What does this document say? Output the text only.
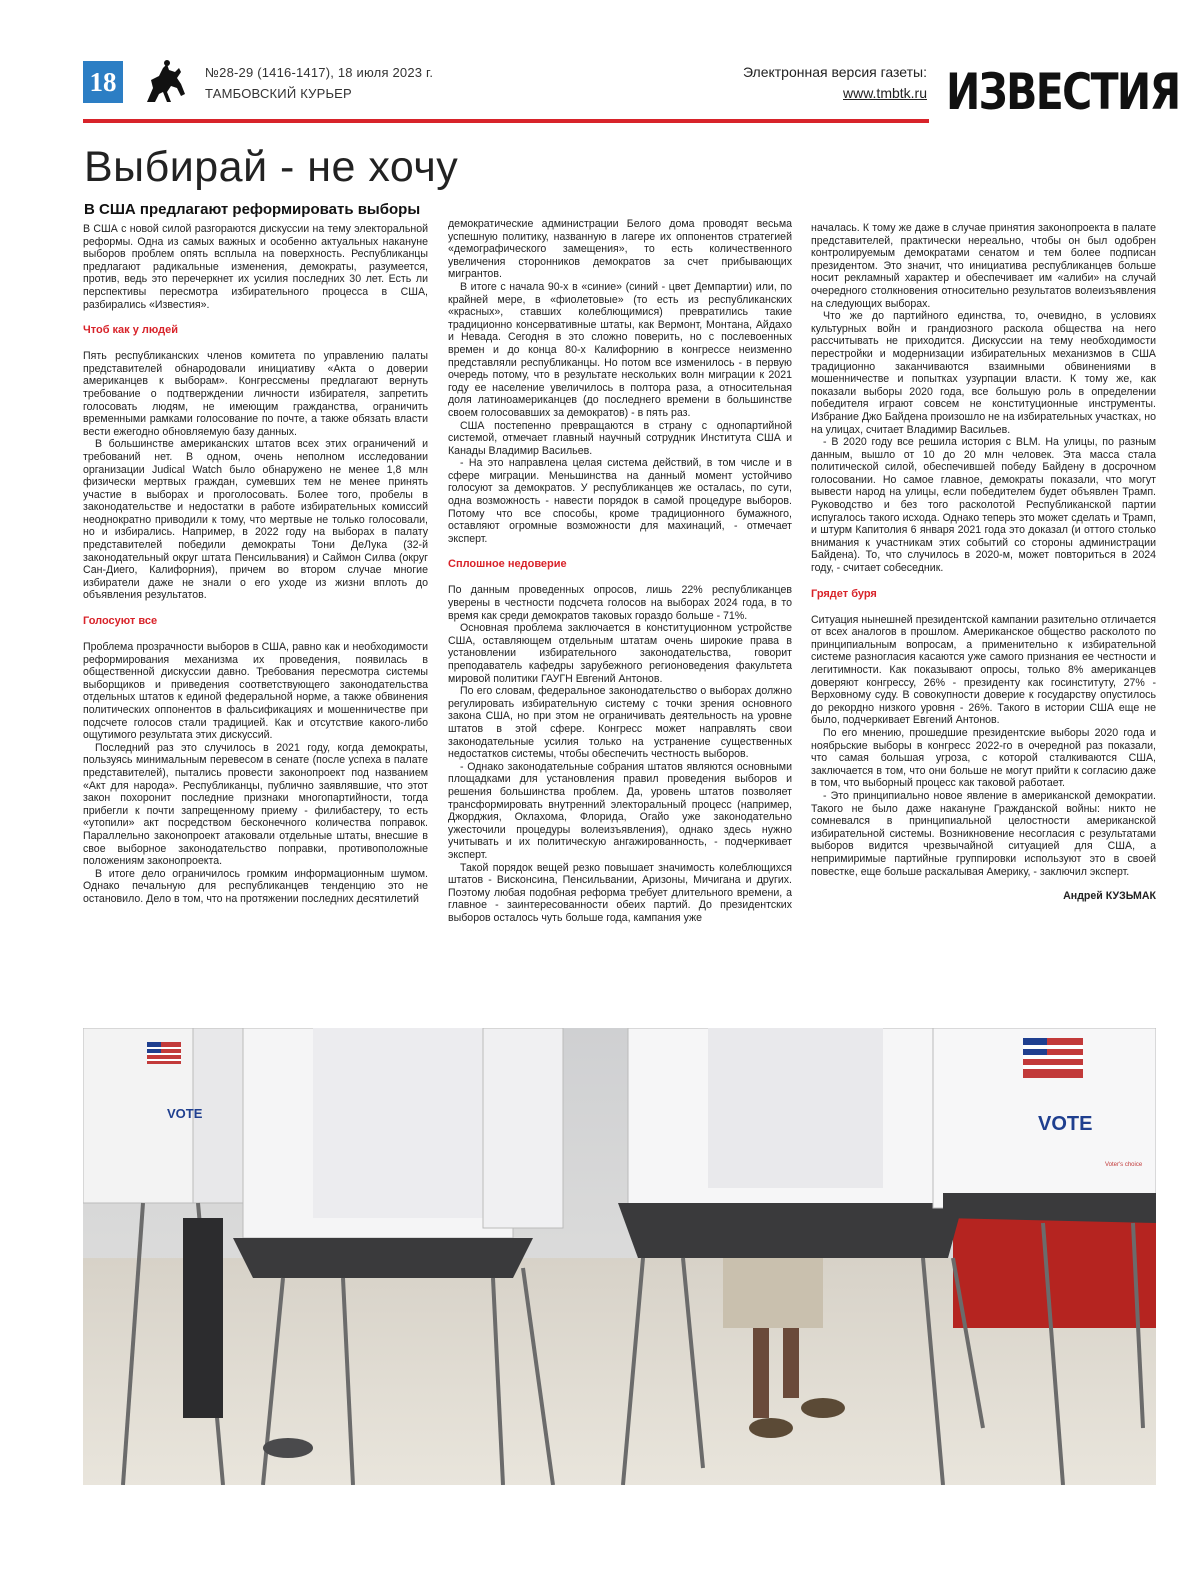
18	№28-29 (1416-1417), 18 июля 2023 г.
ТАМБОВСКИЙ КУРЬЕР
Электронная версия газеты:
www.tmbtk.ru ИЗВЕСТИЯ
Выбирай - не хочу
В США предлагают реформировать выборы

В США с новой силой разгораются дискуссии на тему электоральной реформы. Одна из самых важных и особенно актуальных накануне выборов проблем опять всплыла на поверхность. Республиканцы предлагают радикальные изменения, демократы, разумеется, против, ведь это перечеркнет их усилия последних 30 лет. Есть ли перспективы пересмотра избирательного процесса в США, разбирались «Известия».

Чтоб как у людей

Пять республиканских членов комитета по управлению палаты представителей обнародовали инициативу «Акта о доверии американцев к выборам». Конгрессмены предлагают вернуть требование о подтверждении личности избирателя, запретить голосовать людям, не имеющим гражданства, ограничить временными рамками голосование по почте, а также обязать власти вести ежегодно обновляемую базу данных.

В большинстве американских штатов всех этих ограничений и требований нет. В одном, очень неполном исследовании организации Judical Watch было обнаружено не менее 1,8 млн физически мертвых граждан, сумевших тем не менее принять участие в выборах и проголосовать. Более того, пробелы в законодательстве и недостатки в работе избирательных комиссий неоднократно приводили к тому, что мертвые не только голосовали, но и избирались. Например, в 2022 году на выборах в палату представителей победили демократы Тони ДеЛука (32-й законодательный округ штата Пенсильвания) и Саймон Силва (округ Сан-Диего, Калифорния), причем во втором случае многие избиратели даже не знали о его уходе из жизни вплоть до объявления результатов.

Голосуют все

Проблема прозрачности выборов в США, равно как и необходимости реформирования механизма их проведения, появилась в общественной дискуссии давно. Требования пересмотра системы выборщиков и приведения соответствующего законодательства отдельных штатов к единой федеральной норме, а также обвинения политических оппонентов в фальсификациях и мошенничестве при подсчете голосов стали традицией. Как и отсутствие какого-либо ощутимого результата этих дискуссий.

Последний раз это случилось в 2021 году, когда демократы, пользуясь минимальным перевесом в сенате (после успеха в палате представителей), пытались провести законопроект под названием «Акт для народа». Республиканцы, публично заявлявшие, что этот закон похоронит последние признаки многопартийности, тогда прибегли к почти запрещенному приему - филибастеру, то есть «утопили» акт посредством бесконечного количества поправок. Параллельно законопроект атаковали отдельные штаты, внесшие в свое выборное законодательство поправки, противоположные положениям законопроекта.

В итоге дело ограничилось громким информационным шумом. Однако печальную для республиканцев тенденцию это не остановило. Дело в том, что на протяжении последних десятилетий

демократические администрации Белого дома проводят весьма успешную политику, названную в лагере их оппонентов стратегией «демографического замещения», то есть количественного увеличения сторонников демократов за счет прибывающих мигрантов.

В итоге с начала 90-х в «синие» (синий - цвет Демпартии) или, по крайней мере, в «фиолетовые» (то есть из республиканских «красных», ставших колеблющимися) превратились такие традиционно консервативные штаты, как Вермонт, Монтана, Айдахо и Невада. Сегодня в это сложно поверить, но с послевоенных времен и до конца 80-х Калифорнию в конгрессе неизменно представляли республиканцы. Но потом все изменилось - в первую очередь потому, что в результате нескольких волн миграции к 2021 году ее население увеличилось в полтора раза, а относительная доля латиноамериканцев (до последнего времени в большинстве своем голосовавших за демократов) - в пять раз.

США постепенно превращаются в страну с однопартийной системой, отмечает главный научный сотрудник Института США и Канады Владимир Васильев.

- На это направлена целая система действий, в том числе и в сфере миграции. Меньшинства на данный момент устойчиво голосуют за демократов. У республиканцев же осталась, по сути, одна возможность - навести порядок в самой процедуре выборов. Потому что все способы, кроме традиционного бумажного, оставляют огромные возможности для махинаций, - отмечает эксперт.

Сплошное недоверие

По данным проведенных опросов, лишь 22% республиканцев уверены в честности подсчета голосов на выборах 2024 года, в то время как среди демократов таковых гораздо больше - 71%.

Основная проблема заключается в конституционном устройстве США, оставляющем отдельным штатам очень широкие права в установлении избирательного законодательства, говорит преподаватель кафедры зарубежного регионоведения факультета мировой политики ГАУГН Евгений Антонов.

По его словам, федеральное законодательство о выборах должно регулировать избирательную систему с точки зрения основного закона США, но при этом не ограничивать деятельность на уровне штатов в этой сфере. Конгресс может направлять свои законодательные усилия только на устранение существенных недостатков системы, чтобы обеспечить честность выборов.

- Однако законодательные собрания штатов являются основными площадками для установления правил проведения выборов и решения большинства проблем. Да, уровень штатов позволяет трансформировать внутренний электоральный процесс (например, Джорджия, Оклахома, Флорида, Огайо уже законодательно ужесточили процедуры волеизъявления), однако здесь нужно учитывать и их политическую ангажированность, - подчеркивает эксперт.

Такой порядок вещей резко повышает значимость колеблющихся штатов - Висконсина, Пенсильвании, Аризоны, Мичигана и других. Поэтому любая подобная реформа требует длительного времени, а главное - заинтересованности обеих партий. До президентских выборов осталось чуть больше года, кампания уже

началась. К тому же даже в случае принятия законопроекта в палате представителей, практически нереально, чтобы он был одобрен контролируемым демократами сенатом и тем более подписан президентом. Это значит, что инициатива республиканцев больше носит рекламный характер и обеспечивает им «алиби» на случай очередного столкновения относительно результатов волеизъявления на следующих выборах.

Что же до партийного единства, то, очевидно, в условиях культурных войн и грандиозного раскола общества на него рассчитывать не приходится. Дискуссии на тему необходимости перестройки и модернизации избирательных механизмов в США традиционно заканчиваются взаимными обвинениями в мошенничестве и попытках узурпации власти. К тому же, как показали выборы 2020 года, все большую роль в определении победителя играют совсем не конституционные инструменты. Избрание Джо Байдена произошло не на избирательных участках, но на улицах, считает Владимир Васильев.

- В 2020 году все решила история с BLM. На улицы, по разным данным, вышло от 10 до 20 млн человек. Эта масса стала политической силой, обеспечившей победу Байдену в досрочном голосовании. Но самое главное, демократы показали, что могут вывести народ на улицы, если победителем будет объявлен Трамп. Руководство и без того расколотой Республиканской партии испугалось такого исхода. Однако теперь это может сделать и Трамп, и штурм Капитолия 6 января 2021 года это доказал (и оттого столько внимания к участникам этих событий со стороны администрации Байдена). То, что случилось в 2020-м, может повториться в 2024 году, - считает собеседник.

Грядет буря

Ситуация нынешней президентской кампании разительно отличается от всех аналогов в прошлом. Американское общество расколото по принципиальным вопросам, а применительно к избирательной системе разногласия касаются уже самого признания ее честности и легитимности. Как показывают опросы, только 8% американцев доверяют конгрессу, 26% - президенту как госинституту, 27% - Верховному суду. В совокупности доверие к государству опустилось до рекордно низкого уровня - 26%. Такого в истории США еще не было, подчеркивает Евгений Антонов.

По его мнению, прошедшие президентские выборы 2020 года и ноябрьские выборы в конгресс 2022-го в очередной раз показали, что самая большая угроза, с которой сталкиваются США, заключается в том, что они больше не могут прийти к согласию даже в том, что выборный процесс как таковой работает.

- Это принципиально новое явление в американской демократии. Такого не было даже накануне Гражданской войны: никто не сомневался в принципиальной целостности американской избирательной системы. Возникновение несогласия с результатами выборов видится чрезвычайной ситуацией для США, а непримиримые партийные группировки используют это в своей повестке, еще больше раскалывая Америку, - заключил эксперт.

Андрей КУЗЬМАК

VOTE	VOTE
Voter's choice
